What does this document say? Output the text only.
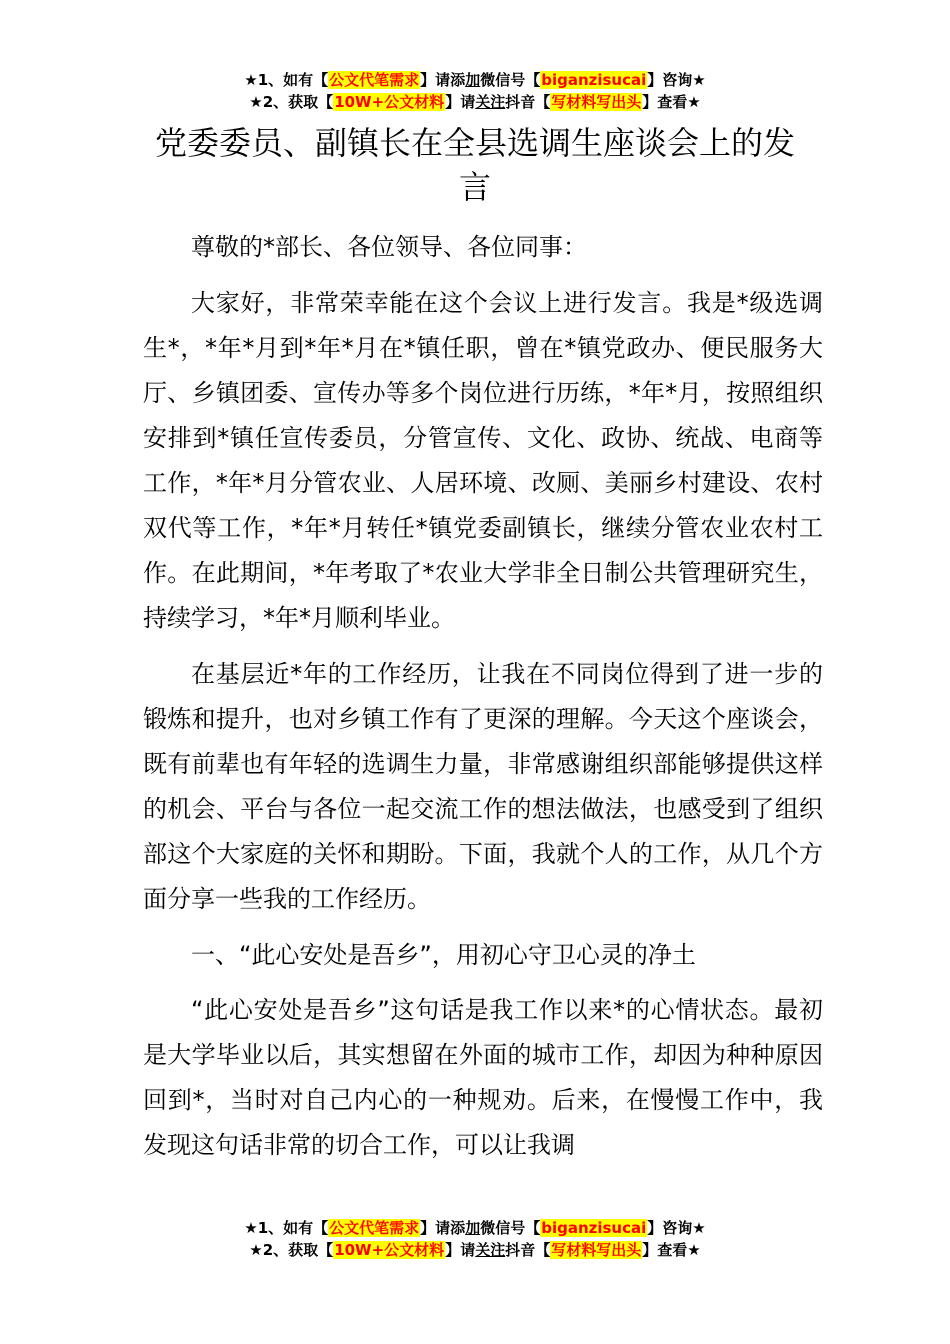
★1、如有【公文代笔需求】请添加微信号【biganzisucai】咨询★
★2、获取【10W+公文材料】请关注抖音【写材料写出头】查看★
党委委员、副镇长在全县选调生座谈会上的发言

尊敬的*部长、各位领导、各位同事：

大家好，非常荣幸能在这个会议上进行发言。我是*级选调生*，*年*月到*年*月在*镇任职，曾在*镇党政办、便民服务大厅、乡镇团委、宣传办等多个岗位进行历练，*年*月，按照组织安排到*镇任宣传委员，分管宣传、文化、政协、统战、电商等工作，*年*月分管农业、人居环境、改厕、美丽乡村建设、农村双代等工作，*年*月转任*镇党委副镇长，继续分管农业农村工作。在此期间，*年考取了*农业大学非全日制公共管理研究生，持续学习，*年*月顺利毕业。

在基层近*年的工作经历，让我在不同岗位得到了进一步的锻炼和提升，也对乡镇工作有了更深的理解。今天这个座谈会，既有前辈也有年轻的选调生力量，非常感谢组织部能够提供这样的机会、平台与各位一起交流工作的想法做法，也感受到了组织部这个大家庭的关怀和期盼。下面，我就个人的工作，从几个方面分享一些我的工作经历。

一、“此心安处是吾乡”，用初心守卫心灵的净土

“此心安处是吾乡”这句话是我工作以来*的心情状态。最初是大学毕业以后，其实想留在外面的城市工作，却因为种种原因回到*，当时对自己内心的一种规劝。后来，在慢慢工作中，我发现这句话非常的切合工作，可以让我调

★1、如有【公文代笔需求】请添加微信号【biganzisucai】咨询★
★2、获取【10W+公文材料】请关注抖音【写材料写出头】查看★
